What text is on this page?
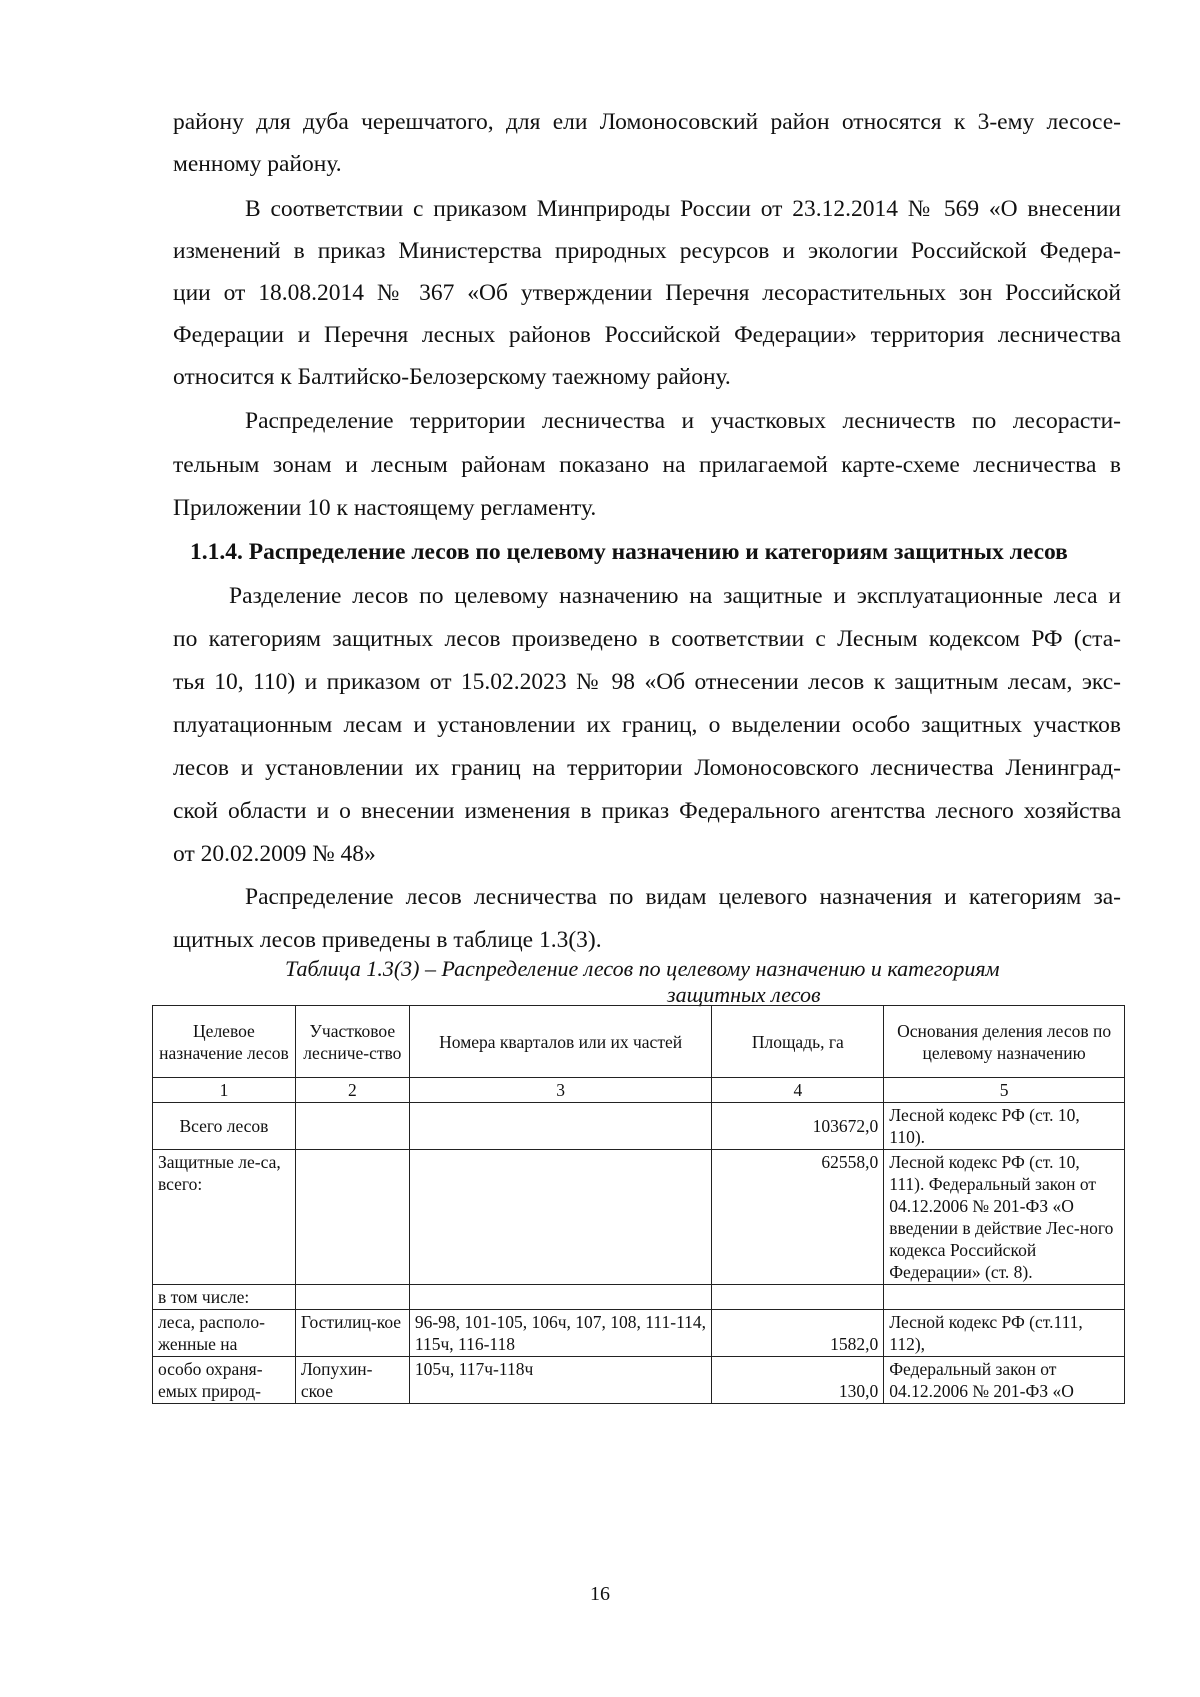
району для дуба черешчатого, для ели Ломоносовский район относятся к 3-ему лесосе-
менному району.
В соответствии с приказом Минприроды России от 23.12.2014 № 569 «О внесении
изменений в приказ Министерства природных ресурсов и экологии Российской Федера-
ции от 18.08.2014 № 367 «Об утверждении Перечня лесорастительных зон Российской
Федерации и Перечня лесных районов Российской Федерации» территория лесничества
относится к Балтийско-Белозерскому таежному району.
Распределение территории лесничества и участковых лесничеств по лесорасти-
тельным зонам и лесным районам показано на прилагаемой карте-схеме лесничества в
Приложении 10 к настоящему регламенту.
1.1.4. Распределение лесов по целевому назначению и категориям защитных лесов
Разделение лесов по целевому назначению на защитные и эксплуатационные леса и
по категориям защитных лесов произведено в соответствии с Лесным кодексом РФ (ста-
тья 10, 110) и приказом от 15.02.2023 № 98 «Об отнесении лесов к защитным лесам, экс-
плуатационным лесам и установлении их границ, о выделении особо защитных участков
лесов и установлении их границ на территории Ломоносовского лесничества Ленинград-
ской области и о внесении изменения в приказ Федерального агентства лесного хозяйства
от 20.02.2009 № 48»
Распределение лесов лесничества по видам целевого назначения и категориям за-
щитных лесов приведены в таблице 1.3(3).
Таблица 1.3(3) – Распределение лесов по целевому назначению и категориям
защитных лесов
Целевое назначение лесов	Участковое лесниче-ство	Номера кварталов или их частей	Площадь, га	Основания деления лесов по целевому назначению
1	2	3	4	5
Всего лесов			103672,0	Лесной кодекс РФ (ст. 10, 110).
Защитные ле-са, всего:			62558,0	Лесной кодекс РФ (ст. 10, 111). Федеральный закон от 04.12.2006 № 201-ФЗ «О введении в действие Лес-ного кодекса Российской Федерации» (ст. 8).
в том числе:				
леса, располо-женные на	Гостилиц-кое	96-98, 101-105, 106ч, 107, 108, 111-114, 115ч, 116-118	1582,0	Лесной кодекс РФ (ст.111, 112),
особо охраня-емых природ-	Лопухин-ское	105ч, 117ч-118ч	130,0	Федеральный закон от 04.12.2006 № 201-ФЗ «О
16
